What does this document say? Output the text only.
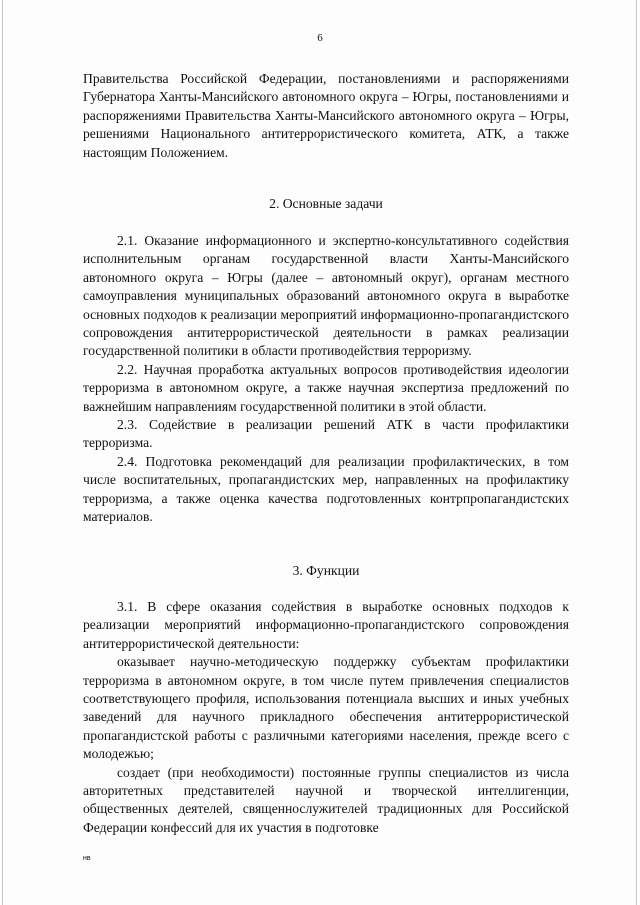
6

Правительства Российской Федерации, постановлениями и распоряжениями Губернатора Ханты-Мансийского автономного округа – Югры, постановлениями и распоряжениями Правительства Ханты-Мансийского автономного округа – Югры, решениями Национального антитеррористического комитета, АТК, а также настоящим Положением.

2. Основные задачи

2.1. Оказание информационного и экспертно-консультативного содействия исполнительным органам государственной власти Ханты-Мансийского автономного округа – Югры (далее – автономный округ), органам местного самоуправления муниципальных образований автономного округа в выработке основных подходов к реализации мероприятий информационно-пропагандистского сопровождения антитеррористической деятельности в рамках реализации государственной политики в области противодействия терроризму.

2.2. Научная проработка актуальных вопросов противодействия идеологии терроризма в автономном округе, а также научная экспертиза предложений по важнейшим направлениям государственной политики в этой области.

2.3. Содействие в реализации решений АТК в части профилактики терроризма.

2.4. Подготовка рекомендаций для реализации профилактических, в том числе воспитательных, пропагандистских мер, направленных на профилактику терроризма, а также оценка качества подготовленных контрпропагандистских материалов.

3. Функции

3.1. В сфере оказания содействия в выработке основных подходов к реализации мероприятий информационно-пропагандистского сопровождения антитеррористической деятельности:

оказывает научно-методическую поддержку субъектам профилактики терроризма в автономном округе, в том числе путем привлечения специалистов соответствующего профиля, использования потенциала высших и иных учебных заведений для научного прикладного обеспечения антитеррористической пропагандистской работы с различными категориями населения, прежде всего с молодежью;

создает (при необходимости) постоянные группы специалистов из числа авторитетных представителей научной и творческой интеллигенции, общественных деятелей, священнослужителей традиционных для Российской Федерации конфессий для их участия в подготовке

нв
